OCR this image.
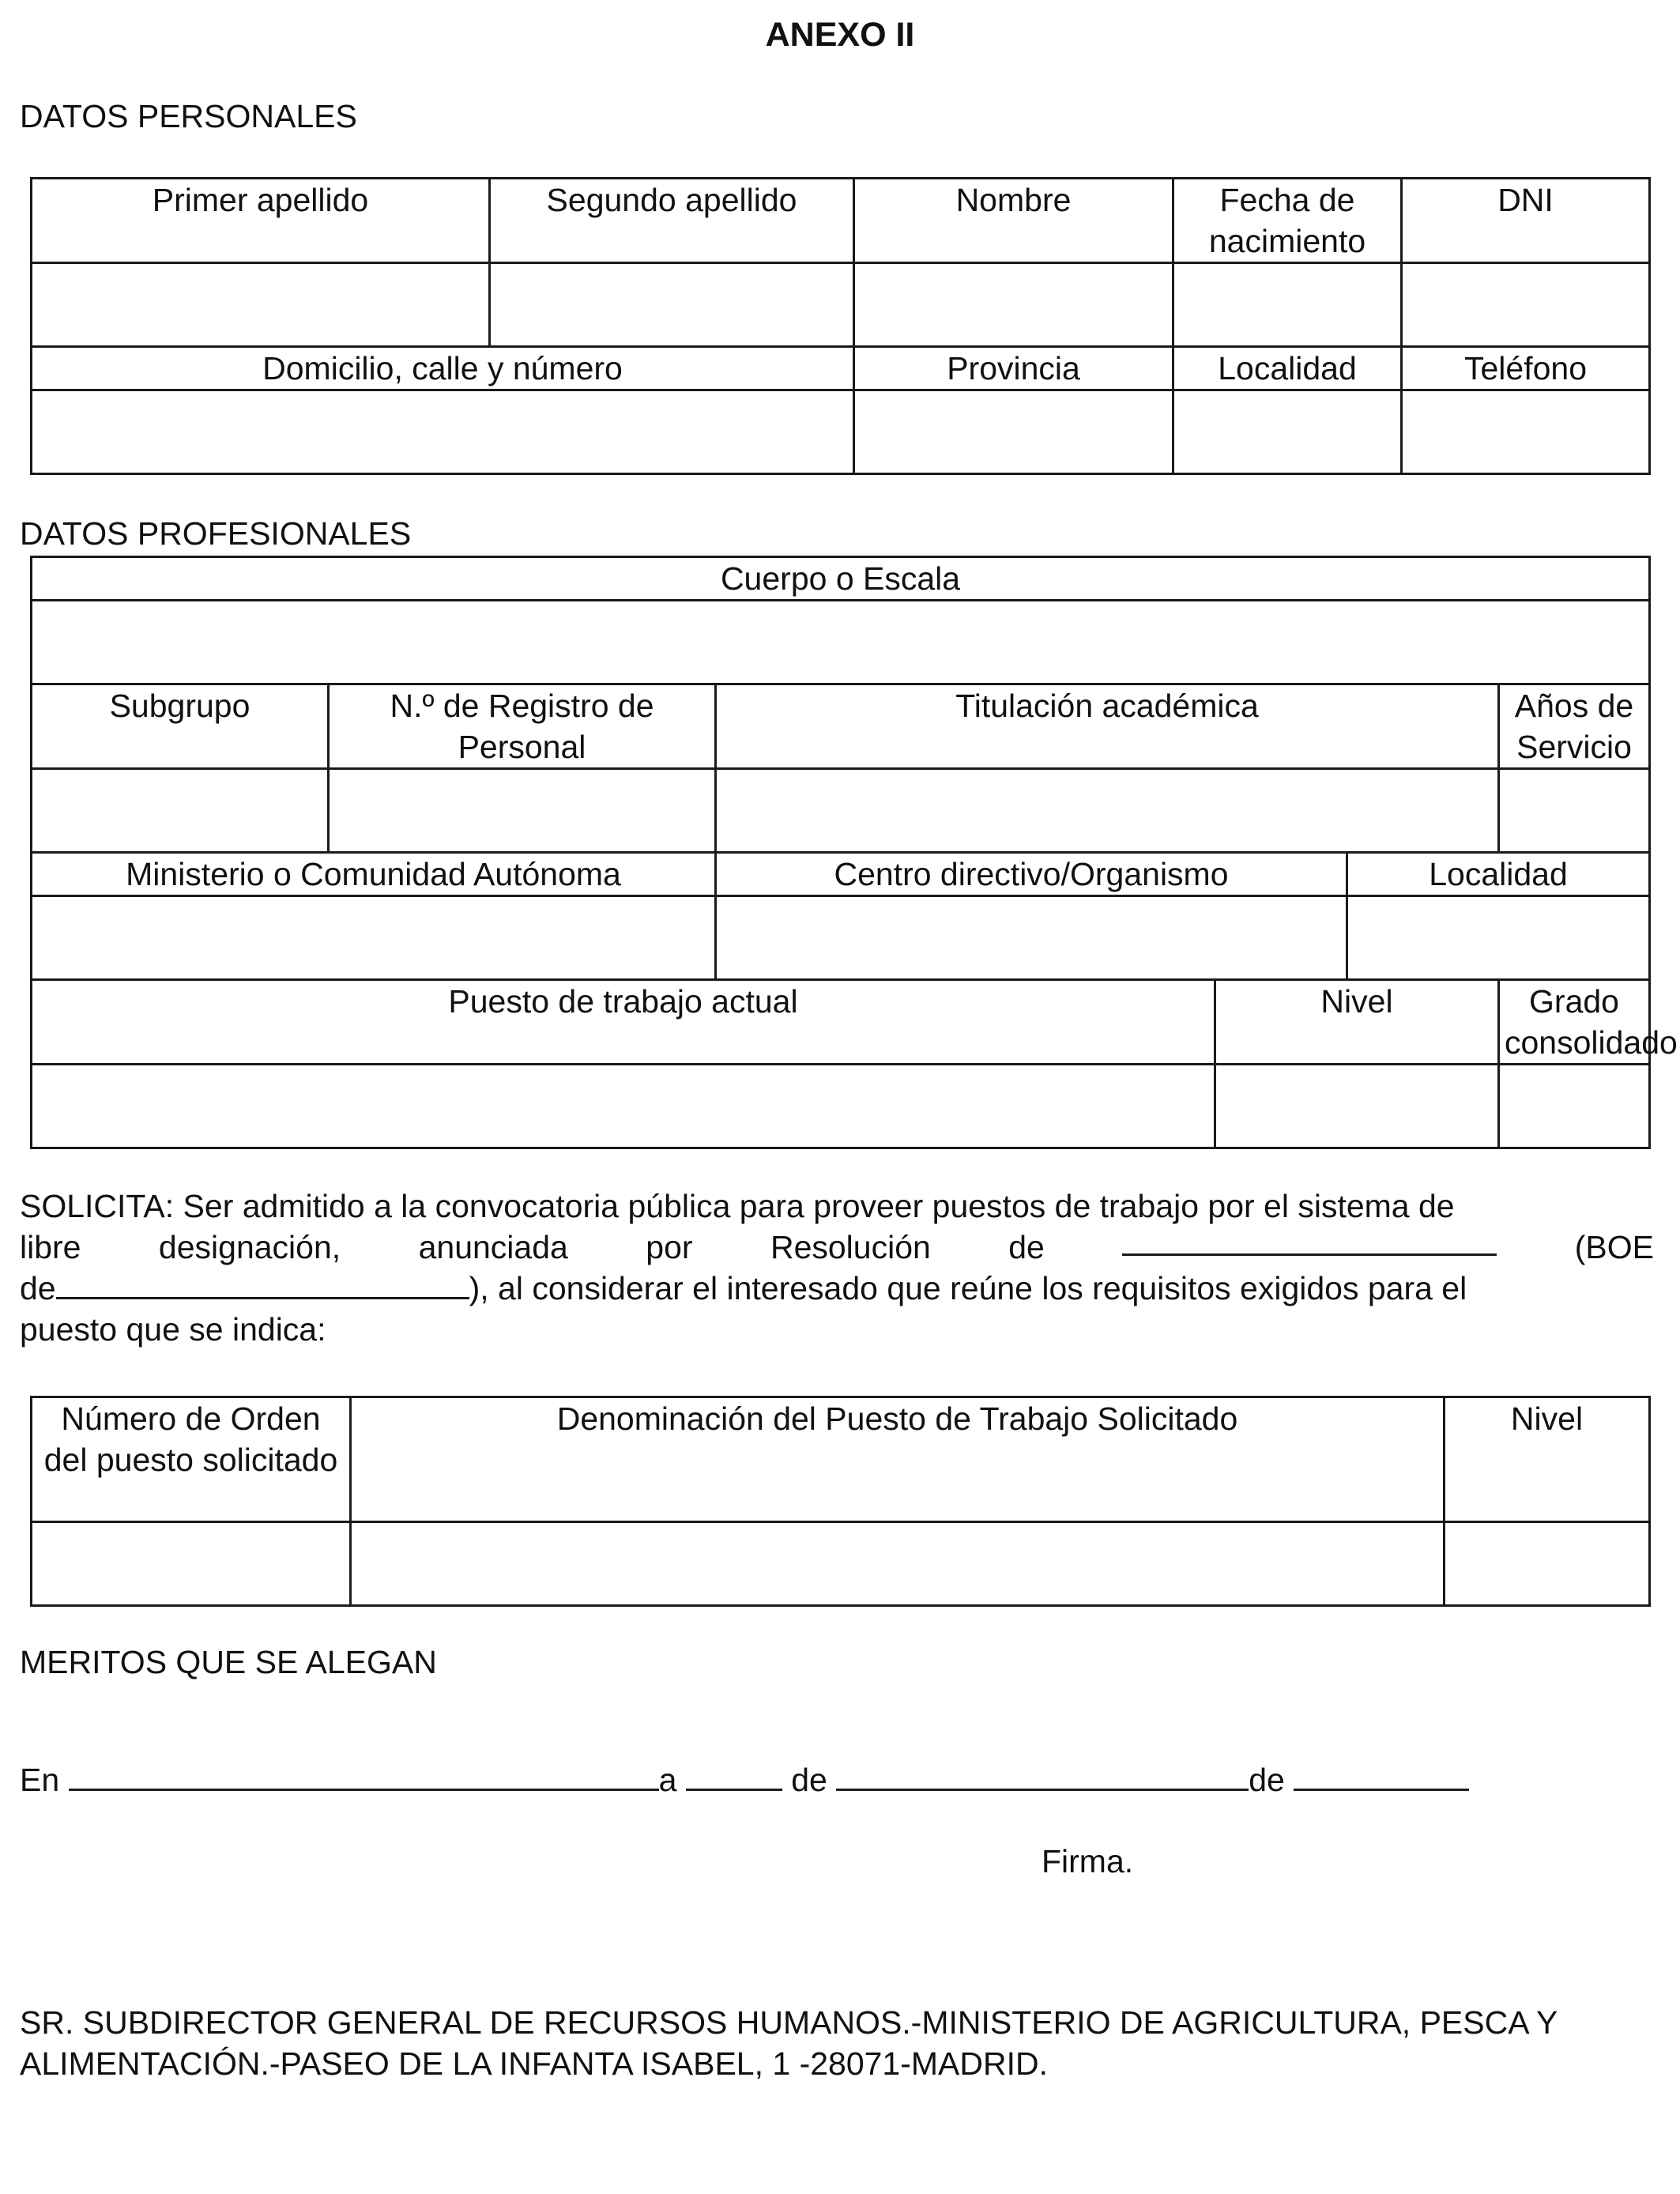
ANEXO II
DATOS PERSONALES
Primer apellido	Segundo apellido	Nombre	Fecha de nacimiento	DNI

Domicilio, calle y número		Provincia	Localidad	Teléfono

DATOS PROFESIONALES
Cuerpo o Escala					

Subgrupo	N.º de Registro de Personal	Titulación académica			Años de Servicio

Ministerio o Comunidad Autónoma		Centro directivo/Organismo		Localidad	

Puesto de trabajo actual			Nivel		Grado consolidado

SOLICITA: Ser admitido a la convocatoria pública para proveer puestos de trabajo por el sistema de
libre designación, anunciada por Resolución de	(BOE
de	), al considerar el interesado que reúne los requisitos exigidos para el
puesto que se indica:
Número de Orden del puesto solicitado	Denominación del Puesto de Trabajo Solicitado	Nivel

MERITOS QUE SE ALEGAN
En	a	de	de
Firma.
SR. SUBDIRECTOR GENERAL DE RECURSOS HUMANOS.-MINISTERIO DE AGRICULTURA, PESCA Y ALIMENTACIÓN.-PASEO DE LA INFANTA ISABEL, 1 -28071-MADRID.
